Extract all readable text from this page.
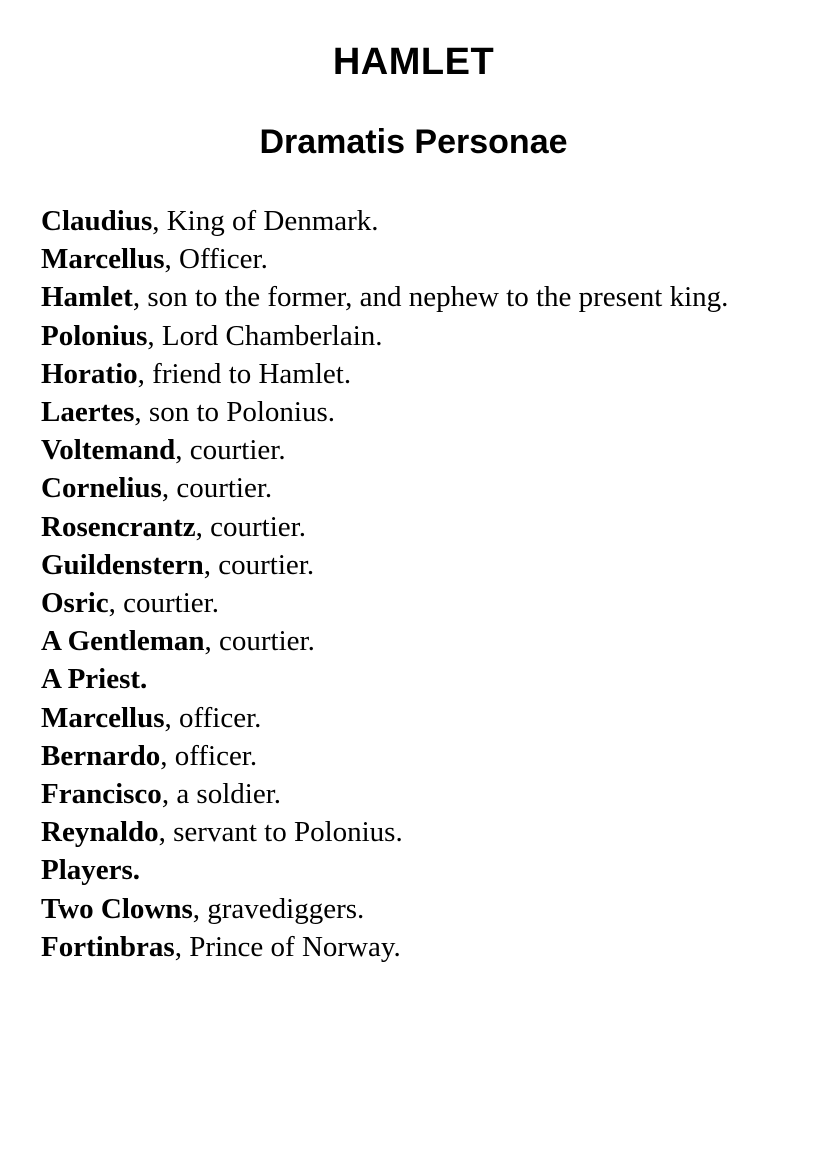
HAMLET
Dramatis Personae
Claudius, King of Denmark.
Marcellus, Officer.
Hamlet, son to the former, and nephew to the present king.
Polonius, Lord Chamberlain.
Horatio, friend to Hamlet.
Laertes, son to Polonius.
Voltemand, courtier.
Cornelius, courtier.
Rosencrantz, courtier.
Guildenstern, courtier.
Osric, courtier.
A Gentleman, courtier.
A Priest.
Marcellus, officer.
Bernardo, officer.
Francisco, a soldier.
Reynaldo, servant to Polonius.
Players.
Two Clowns, gravediggers.
Fortinbras, Prince of Norway.
